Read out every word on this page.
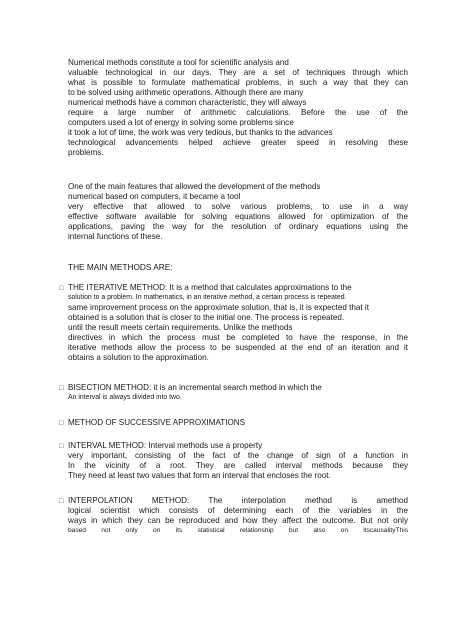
Numerical methods constitute a tool for scientific analysis and
valuable technological in our days. They are a set of techniques through which
what is possible to formulate mathematical problems, in such a way that they can
to be solved using arithmetic operations. Although there are many
numerical methods have a common characteristic, they will always
require a large number of arithmetic calculations. Before the use of the
computers used a lot of energy in solving some problems since
it took a lot of time, the work was very tedious, but thanks to the advances
technological advancements helped achieve greater speed in resolving these
problems.
One of the main features that allowed the development of the methods
numerical based on computers, it became a tool
very effective that allowed to solve various problems, to use in a way
effective software available for solving equations allowed for optimization of the
applications, paving the way for the resolution of ordinary equations using the
internal functions of these.
THE MAIN METHODS ARE:
□
THE ITERATIVE METHOD: It is a method that calculates approximations to the
solution to a problem. In mathematics, in an iterative method, a certain process is repeated.
same improvement process on the approximate solution, that is, it is expected that it
obtained is a solution that is closer to the initial one. The process is repeated.
until the result meets certain requirements. Unlike the methods
directives in which the process must be completed to have the response, in the
iterative methods allow the process to be suspended at the end of an iteration and it
obtains a solution to the approximation.
□
BISECTION METHOD: it is an incremental search method in which the
An interval is always divided into two.
□
METHOD OF SUCCESSIVE APPROXIMATIONS
□
INTERVAL METHOD: Interval methods use a property
very important, consisting of the fact of the change of sign of a function in
In the vicinity of a root. They are called interval methods because they
They need at least two values that form an interval that encloses the root.
□
INTERPOLATION METHOD: The interpolation method is amethod
logical scientist which consists of determining each of the variables in the
ways in which they can be reproduced and how they affect the outcome. But not only
based not only on its statistical relationship but also on itscausalityThis
